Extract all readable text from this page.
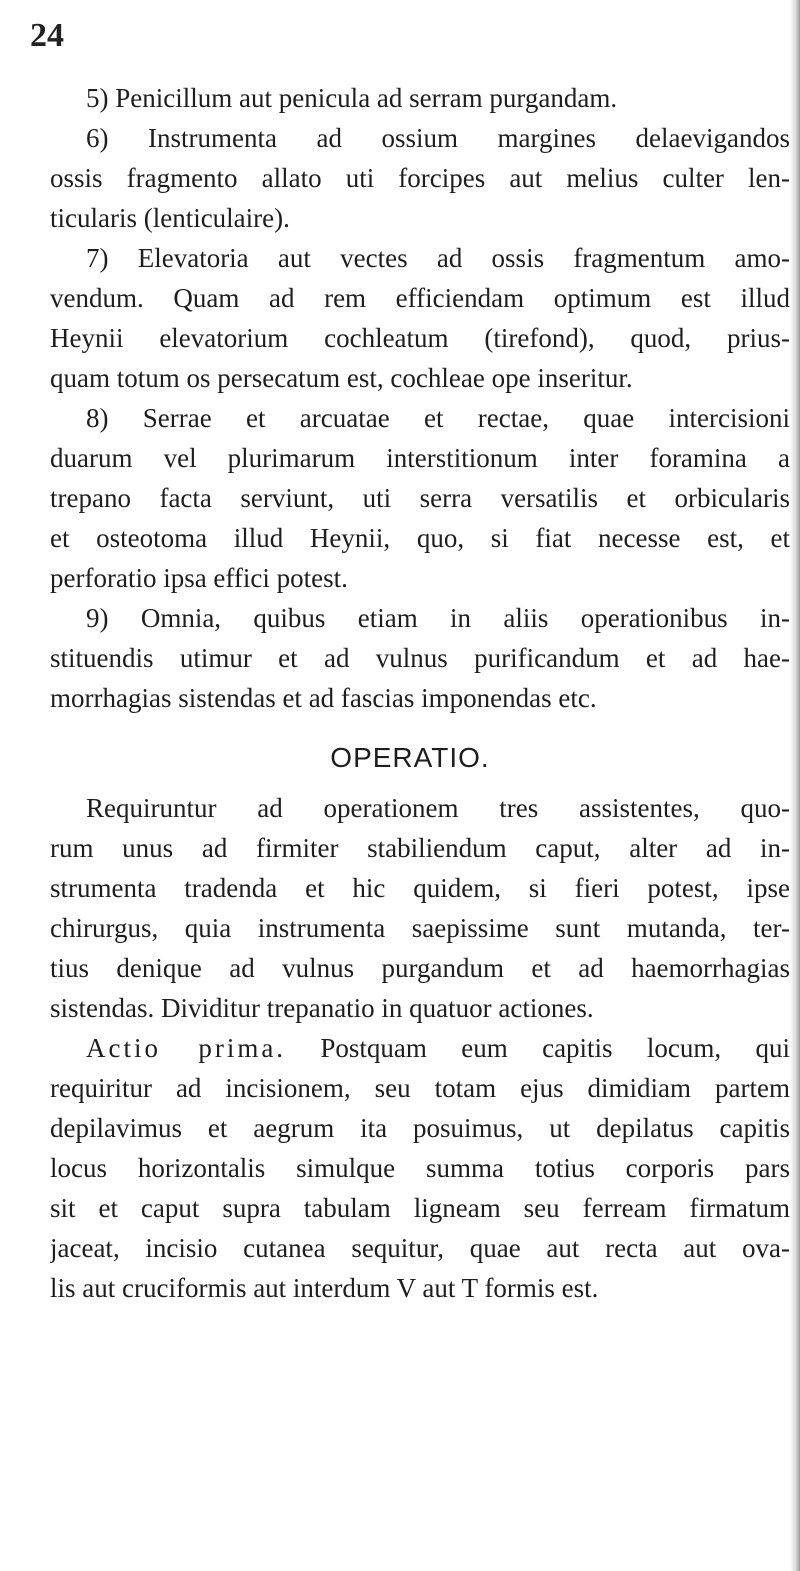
24
5) Penicillum aut penicula ad serram purgandam.
6) Instrumenta ad ossium margines delaevigandos
ossis fragmento allato uti forcipes aut melius culter len-
ticularis (lenticulaire).
7) Elevatoria aut vectes ad ossis fragmentum amo-
vendum. Quam ad rem efficiendam optimum est illud
Heynii elevatorium cochleatum (tirefond), quod, prius-
quam totum os persecatum est, cochleae ope inseritur.
8) Serrae et arcuatae et rectae, quae intercisioni
duarum vel plurimarum interstitionum inter foramina a
trepano facta serviunt, uti serra versatilis et orbicularis
et osteotoma illud Heynii, quo, si fiat necesse est, et
perforatio ipsa effici potest.
9) Omnia, quibus etiam in aliis operationibus in-
stituendis utimur et ad vulnus purificandum et ad hae-
morrhagias sistendas et ad fascias imponendas etc.
OPERATIO.
Requiruntur ad operationem tres assistentes, quo-
rum unus ad firmiter stabiliendum caput, alter ad in-
strumenta tradenda et hic quidem, si fieri potest, ipse
chirurgus, quia instrumenta saepissime sunt mutanda, ter-
tius denique ad vulnus purgandum et ad haemorrhagias
sistendas. Dividitur trepanatio in quatuor actiones.
Actio prima. Postquam eum capitis locum, qui
requiritur ad incisionem, seu totam ejus dimidiam partem
depilavimus et aegrum ita posuimus, ut depilatus capitis
locus horizontalis simulque summa totius corporis pars
sit et caput supra tabulam ligneam seu ferream firmatum
jaceat, incisio cutanea sequitur, quae aut recta aut ova-
lis aut cruciformis aut interdum V aut T formis est.
